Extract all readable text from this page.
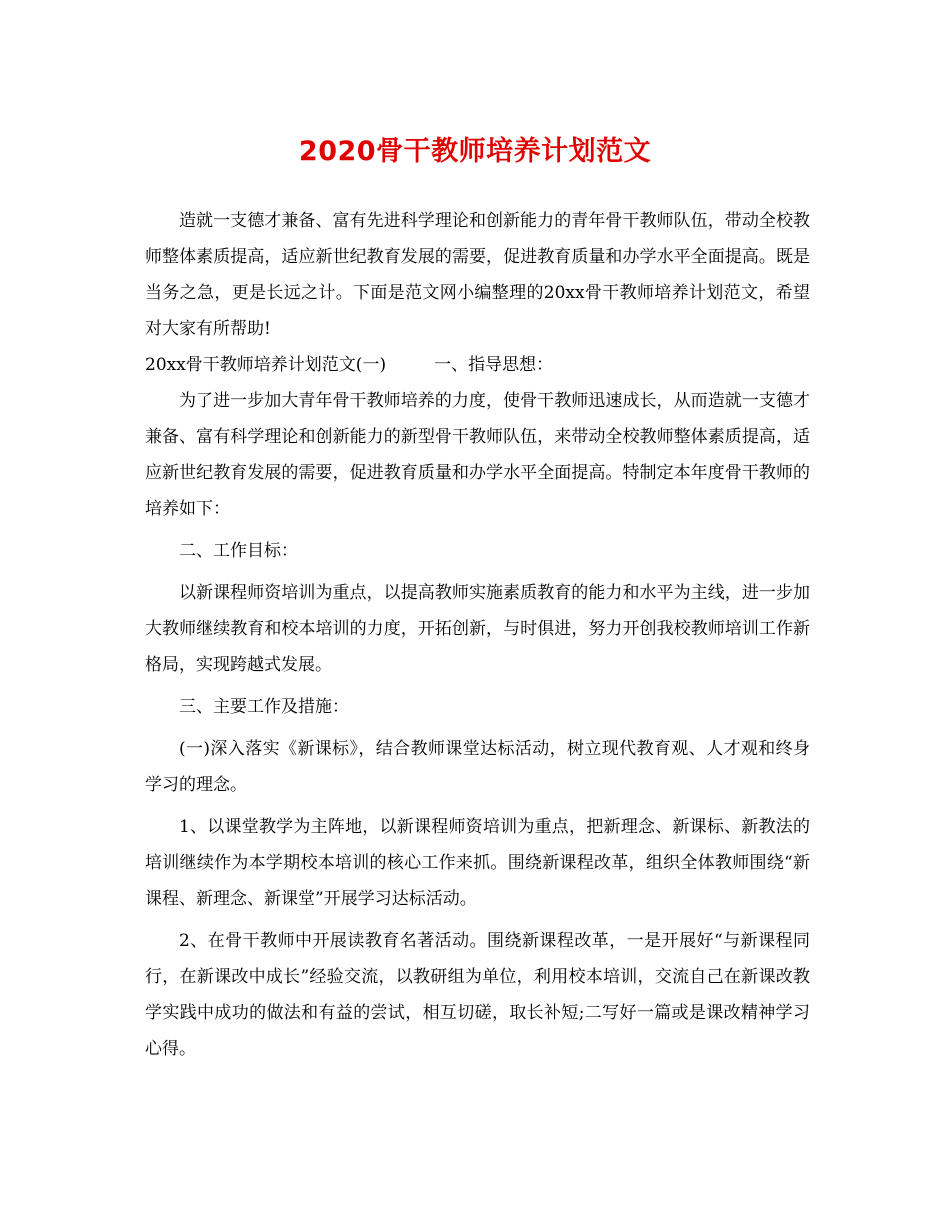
2020骨干教师培养计划范文

造就一支德才兼备、富有先进科学理论和创新能力的青年骨干教师队伍，带动全校教师整体素质提高，适应新世纪教育发展的需要，促进教育质量和办学水平全面提高。既是当务之急，更是长远之计。下面是范文网小编整理的20xx骨干教师培养计划范文，希望对大家有所帮助!

20xx骨干教师培养计划范文(一)	一、指导思想：

为了进一步加大青年骨干教师培养的力度，使骨干教师迅速成长，从而造就一支德才兼备、富有科学理论和创新能力的新型骨干教师队伍，来带动全校教师整体素质提高，适应新世纪教育发展的需要，促进教育质量和办学水平全面提高。特制定本年度骨干教师的培养如下：

二、工作目标：

以新课程师资培训为重点，以提高教师实施素质教育的能力和水平为主线，进一步加大教师继续教育和校本培训的力度，开拓创新，与时俱进，努力开创我校教师培训工作新格局，实现跨越式发展。

三、主要工作及措施：

(一)深入落实《新课标》，结合教师课堂达标活动，树立现代教育观、人才观和终身学习的理念。

1、以课堂教学为主阵地，以新课程师资培训为重点，把新理念、新课标、新教法的培训继续作为本学期校本培训的核心工作来抓。围绕新课程改革，组织全体教师围绕“新课程、新理念、新课堂”开展学习达标活动。

2、在骨干教师中开展读教育名著活动。围绕新课程改革，一是开展好“与新课程同行，在新课改中成长”经验交流，以教研组为单位，利用校本培训，交流自己在新课改教学实践中成功的做法和有益的尝试，相互切磋，取长补短;二写好一篇或是课改精神学习心得。
